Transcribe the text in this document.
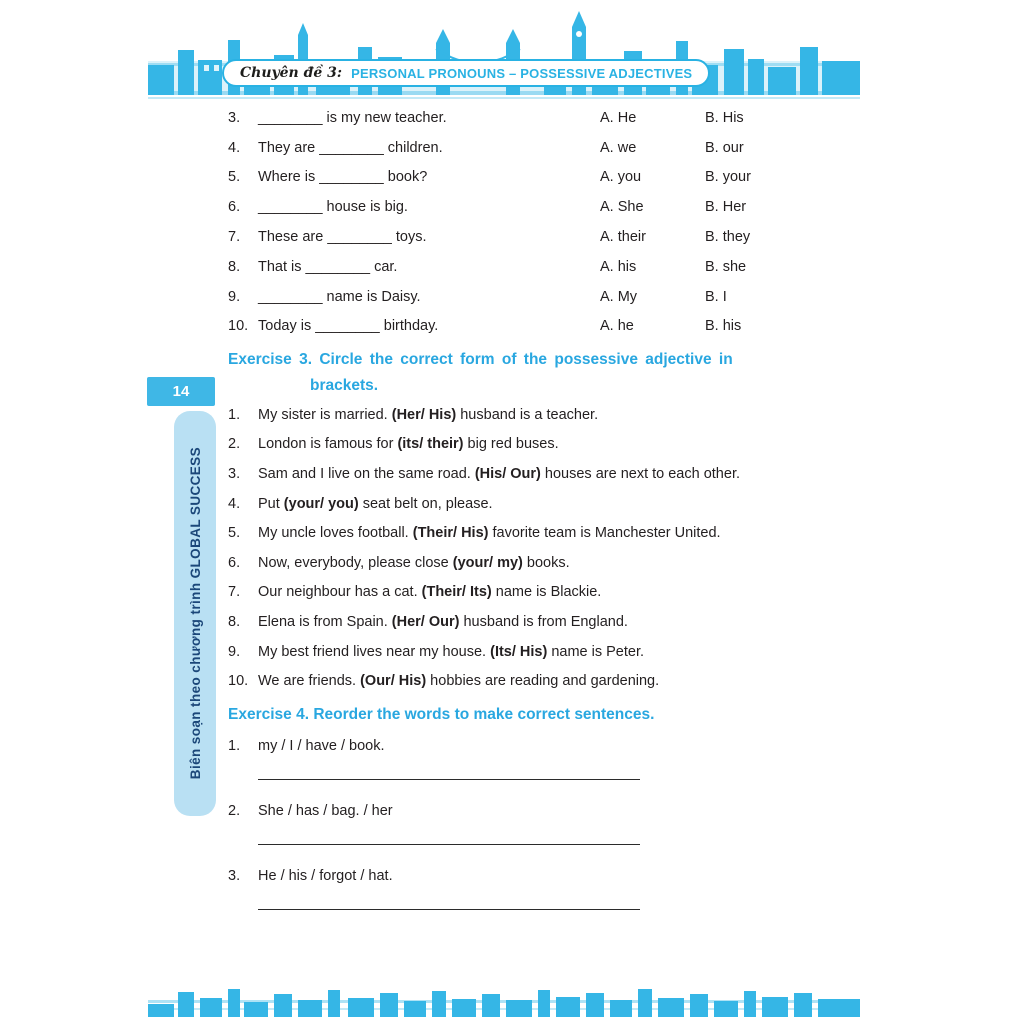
Chuyên đề 3: PERSONAL PRONOUNS – POSSESSIVE ADJECTIVES
3.	________ is my new teacher.	A. He	B. His
4.	They are ________ children.	A. we	B. our
5.	Where is ________ book?	A. you	B. your
6.	________ house is big.	A. She	B. Her
7.	These are ________ toys.	A. their	B. they
8.	That is ________ car.	A. his	B. she
9.	________ name is Daisy.	A. My	B. I
10. Today is ________ birthday.	A. he	B. his
Exercise 3. Circle the correct form of the possessive adjective in
brackets.
1.	My sister is married. (Her/ His) husband is a teacher.
2.	London is famous for (its/ their) big red buses.
3.	Sam and I live on the same road. (His/ Our) houses are next to each other.
4.	Put (your/ you) seat belt on, please.
5.	My uncle loves football. (Their/ His) favorite team is Manchester United.
6.	Now, everybody, please close (your/ my) books.
7.	Our neighbour has a cat. (Their/ Its) name is Blackie.
8.	Elena is from Spain. (Her/ Our) husband is from England.
9.	My best friend lives near my house. (Its/ His) name is Peter.
10. We are friends. (Our/ His) hobbies are reading and gardening.
Exercise 4. Reorder the words to make correct sentences.
1.	my / I / have / book.
2.	She / has / bag. / her
3.	He / his / forgot / hat.
14
Biên soạn theo chương trình GLOBAL SUCCESS
